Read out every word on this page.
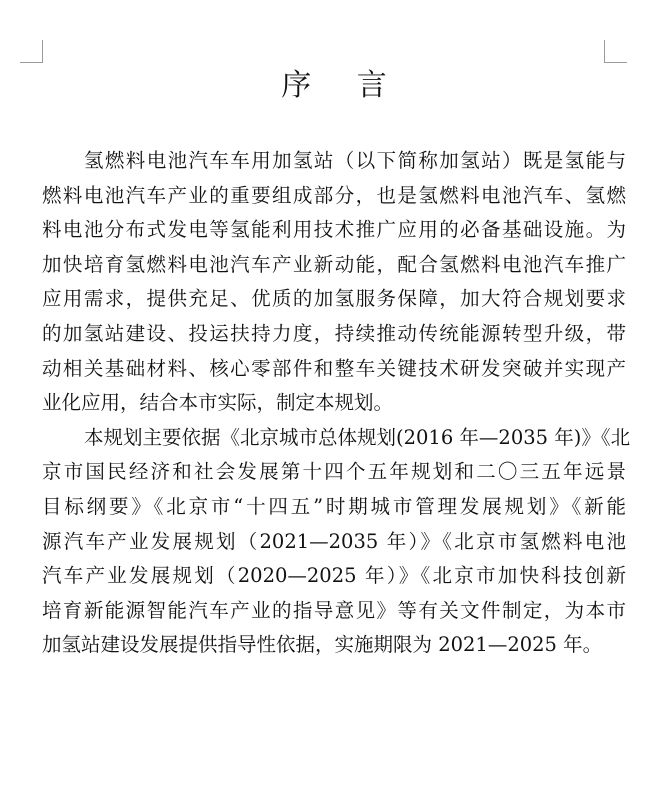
序 言
氢燃料电池汽车车用加氢站（以下简称加氢站）既是氢能与
燃料电池汽车产业的重要组成部分，也是氢燃料电池汽车、氢燃
料电池分布式发电等氢能利用技术推广应用的必备基础设施。为
加快培育氢燃料电池汽车产业新动能，配合氢燃料电池汽车推广
应用需求，提供充足、优质的加氢服务保障，加大符合规划要求
的加氢站建设、投运扶持力度，持续推动传统能源转型升级，带
动相关基础材料、核心零部件和整车关键技术研发突破并实现产
业化应用，结合本市实际，制定本规划。
本规划主要依据《北京城市总体规划(2016 年—2035 年)》《北
京市国民经济和社会发展第十四个五年规划和二〇三五年远景
目标纲要》《北京市“十四五”时期城市管理发展规划》《新能
源汽车产业发展规划（2021—2035 年）》《北京市氢燃料电池
汽车产业发展规划（2020—2025 年）》《北京市加快科技创新
培育新能源智能汽车产业的指导意见》等有关文件制定，为本市
加氢站建设发展提供指导性依据，实施期限为 2021—2025 年。
